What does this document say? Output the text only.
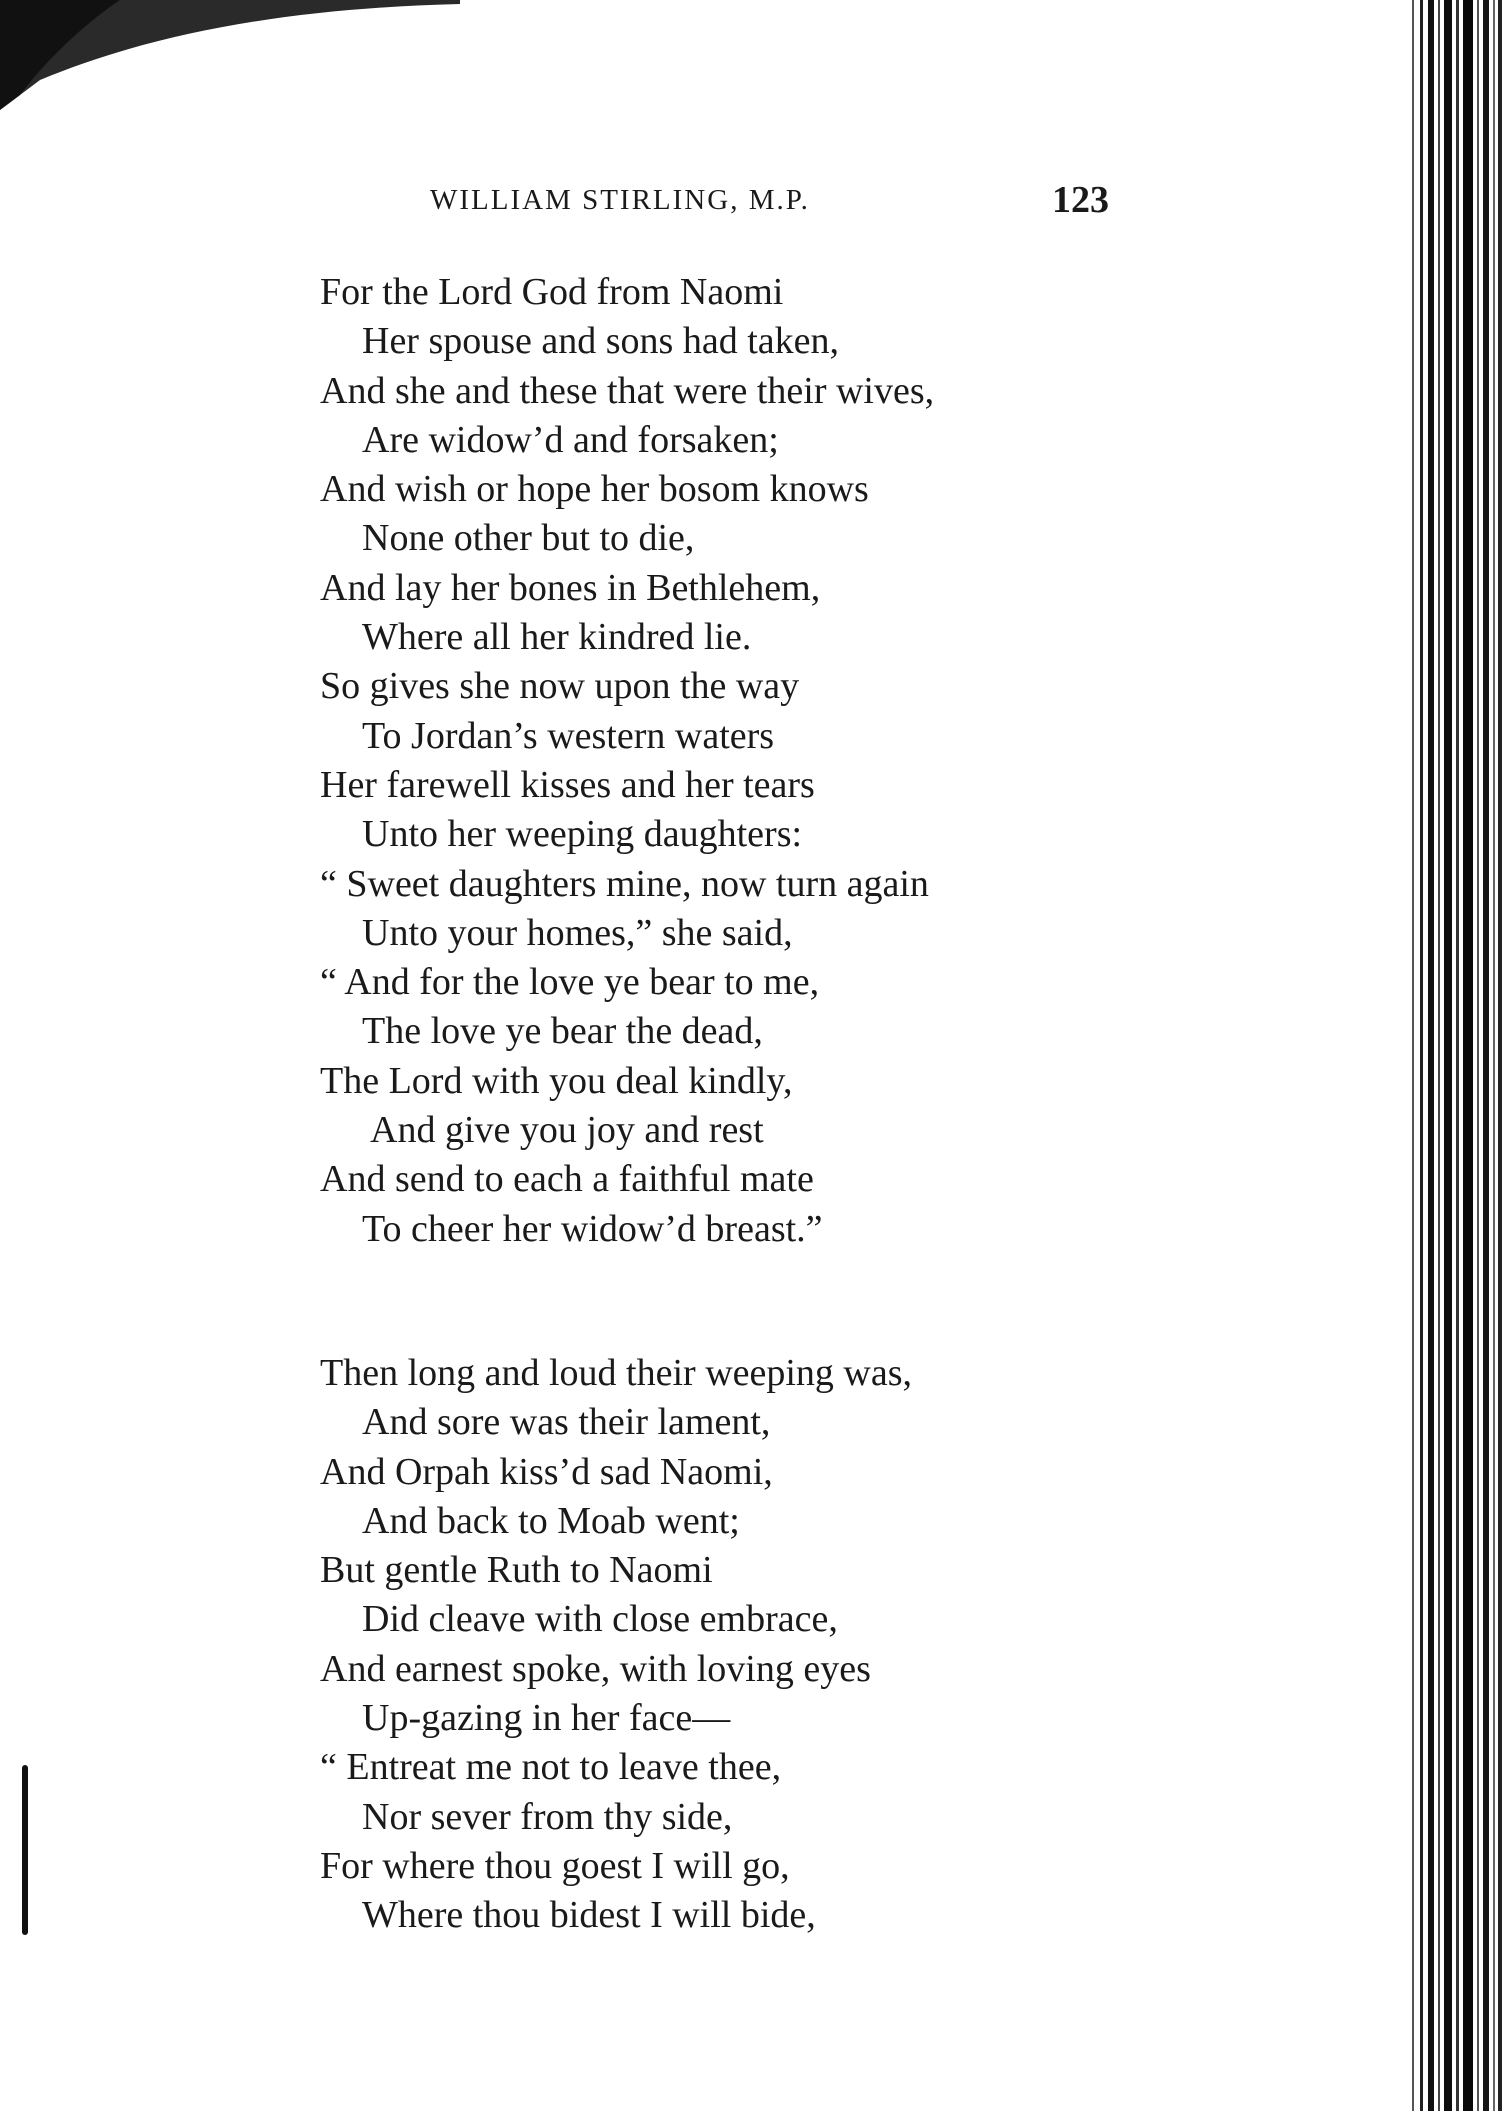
WILLIAM STIRLING, M.P.	123
For the Lord God from Naomi
Her spouse and sons had taken,
And she and these that were their wives,
Are widow’d and forsaken;
And wish or hope her bosom knows
None other but to die,
And lay her bones in Bethlehem,
Where all her kindred lie.
So gives she now upon the way
To Jordan’s western waters
Her farewell kisses and her tears
Unto her weeping daughters:
“ Sweet daughters mine, now turn again
Unto your homes,” she said,
“ And for the love ye bear to me,
The love ye bear the dead,
The Lord with you deal kindly,
And give you joy and rest
And send to each a faithful mate
To cheer her widow’d breast.”
Then long and loud their weeping was,
And sore was their lament,
And Orpah kiss’d sad Naomi,
And back to Moab went;
But gentle Ruth to Naomi
Did cleave with close embrace,
And earnest spoke, with loving eyes
Up-gazing in her face—
“ Entreat me not to leave thee,
Nor sever from thy side,
For where thou goest I will go,
Where thou bidest I will bide,
